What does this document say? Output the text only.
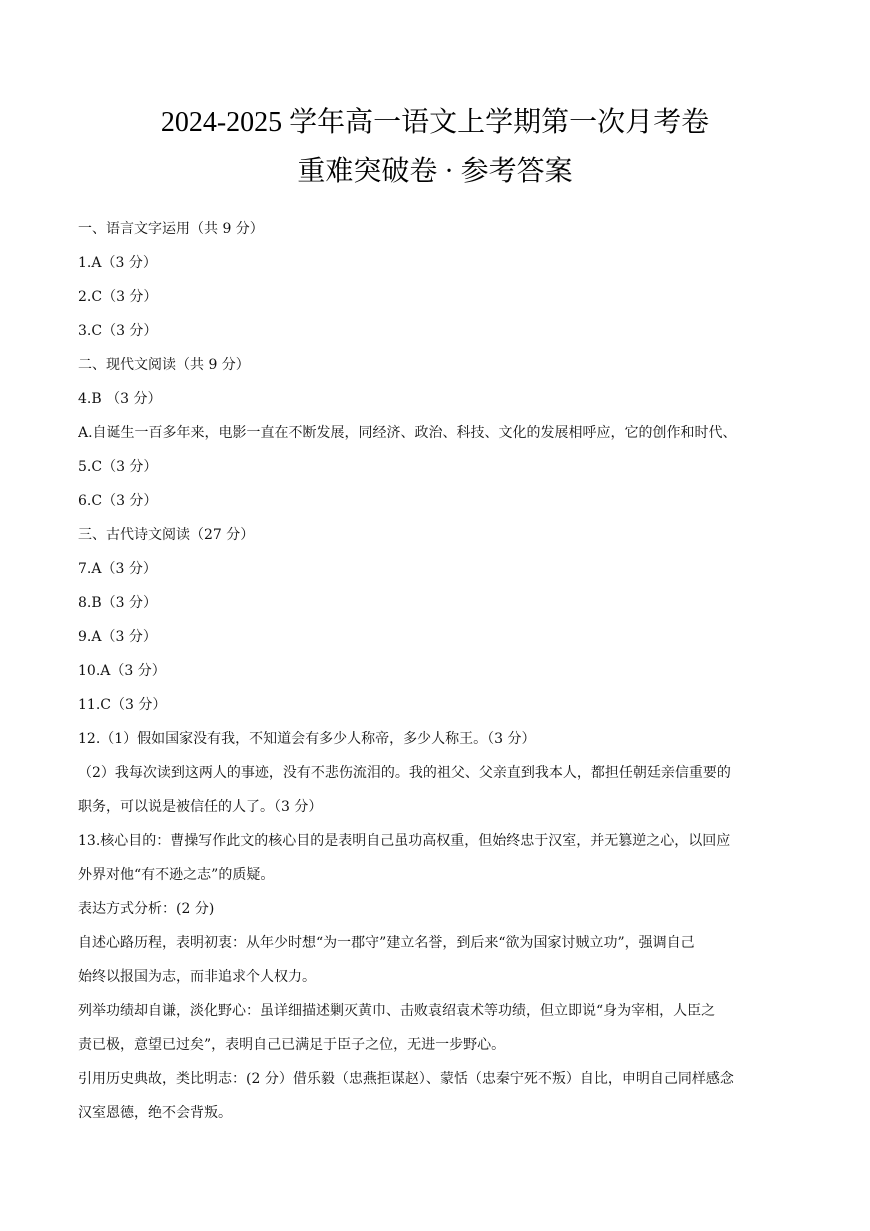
2024-2025 学年高一语文上学期第一次月考卷
重难突破卷 · 参考答案
一、语言文字运用（共 9 分）
1.A（3 分）
2.C（3 分）
3.C（3 分）
二、现代文阅读（共 9 分）
4.B （3 分）
A.自诞生一百多年来，电影一直在不断发展，同经济、政治、科技、文化的发展相呼应，它的创作和时代、
5.C（3 分）
6.C（3 分）
三、古代诗文阅读（27 分）
7.A（3 分）
8.B（3 分）
9.A（3 分）
10.A（3 分）
11.C（3 分）
12.（1）假如国家没有我，不知道会有多少人称帝，多少人称王。（3 分）
（2）我每次读到这两人的事迹，没有不悲伤流泪的。我的祖父、父亲直到我本人，都担任朝廷亲信重要的
职务，可以说是被信任的人了。（3 分）
13.核心目的：曹操写作此文的核心目的是表明自己虽功高权重，但始终忠于汉室，并无篡逆之心，以回应
外界对他“有不逊之志”的质疑。
表达方式分析：(2 分)
自述心路历程，表明初衷：从年少时想“为一郡守”建立名誉，到后来“欲为国家讨贼立功”，强调自己
始终以报国为志，而非追求个人权力。
列举功绩却自谦，淡化野心：虽详细描述剿灭黄巾、击败袁绍袁术等功绩，但立即说“身为宰相，人臣之
责已极，意望已过矣”，表明自己已满足于臣子之位，无进一步野心。
引用历史典故，类比明志：(2 分）借乐毅（忠燕拒谋赵）、蒙恬（忠秦宁死不叛）自比，申明自己同样感念
汉室恩德，绝不会背叛。
